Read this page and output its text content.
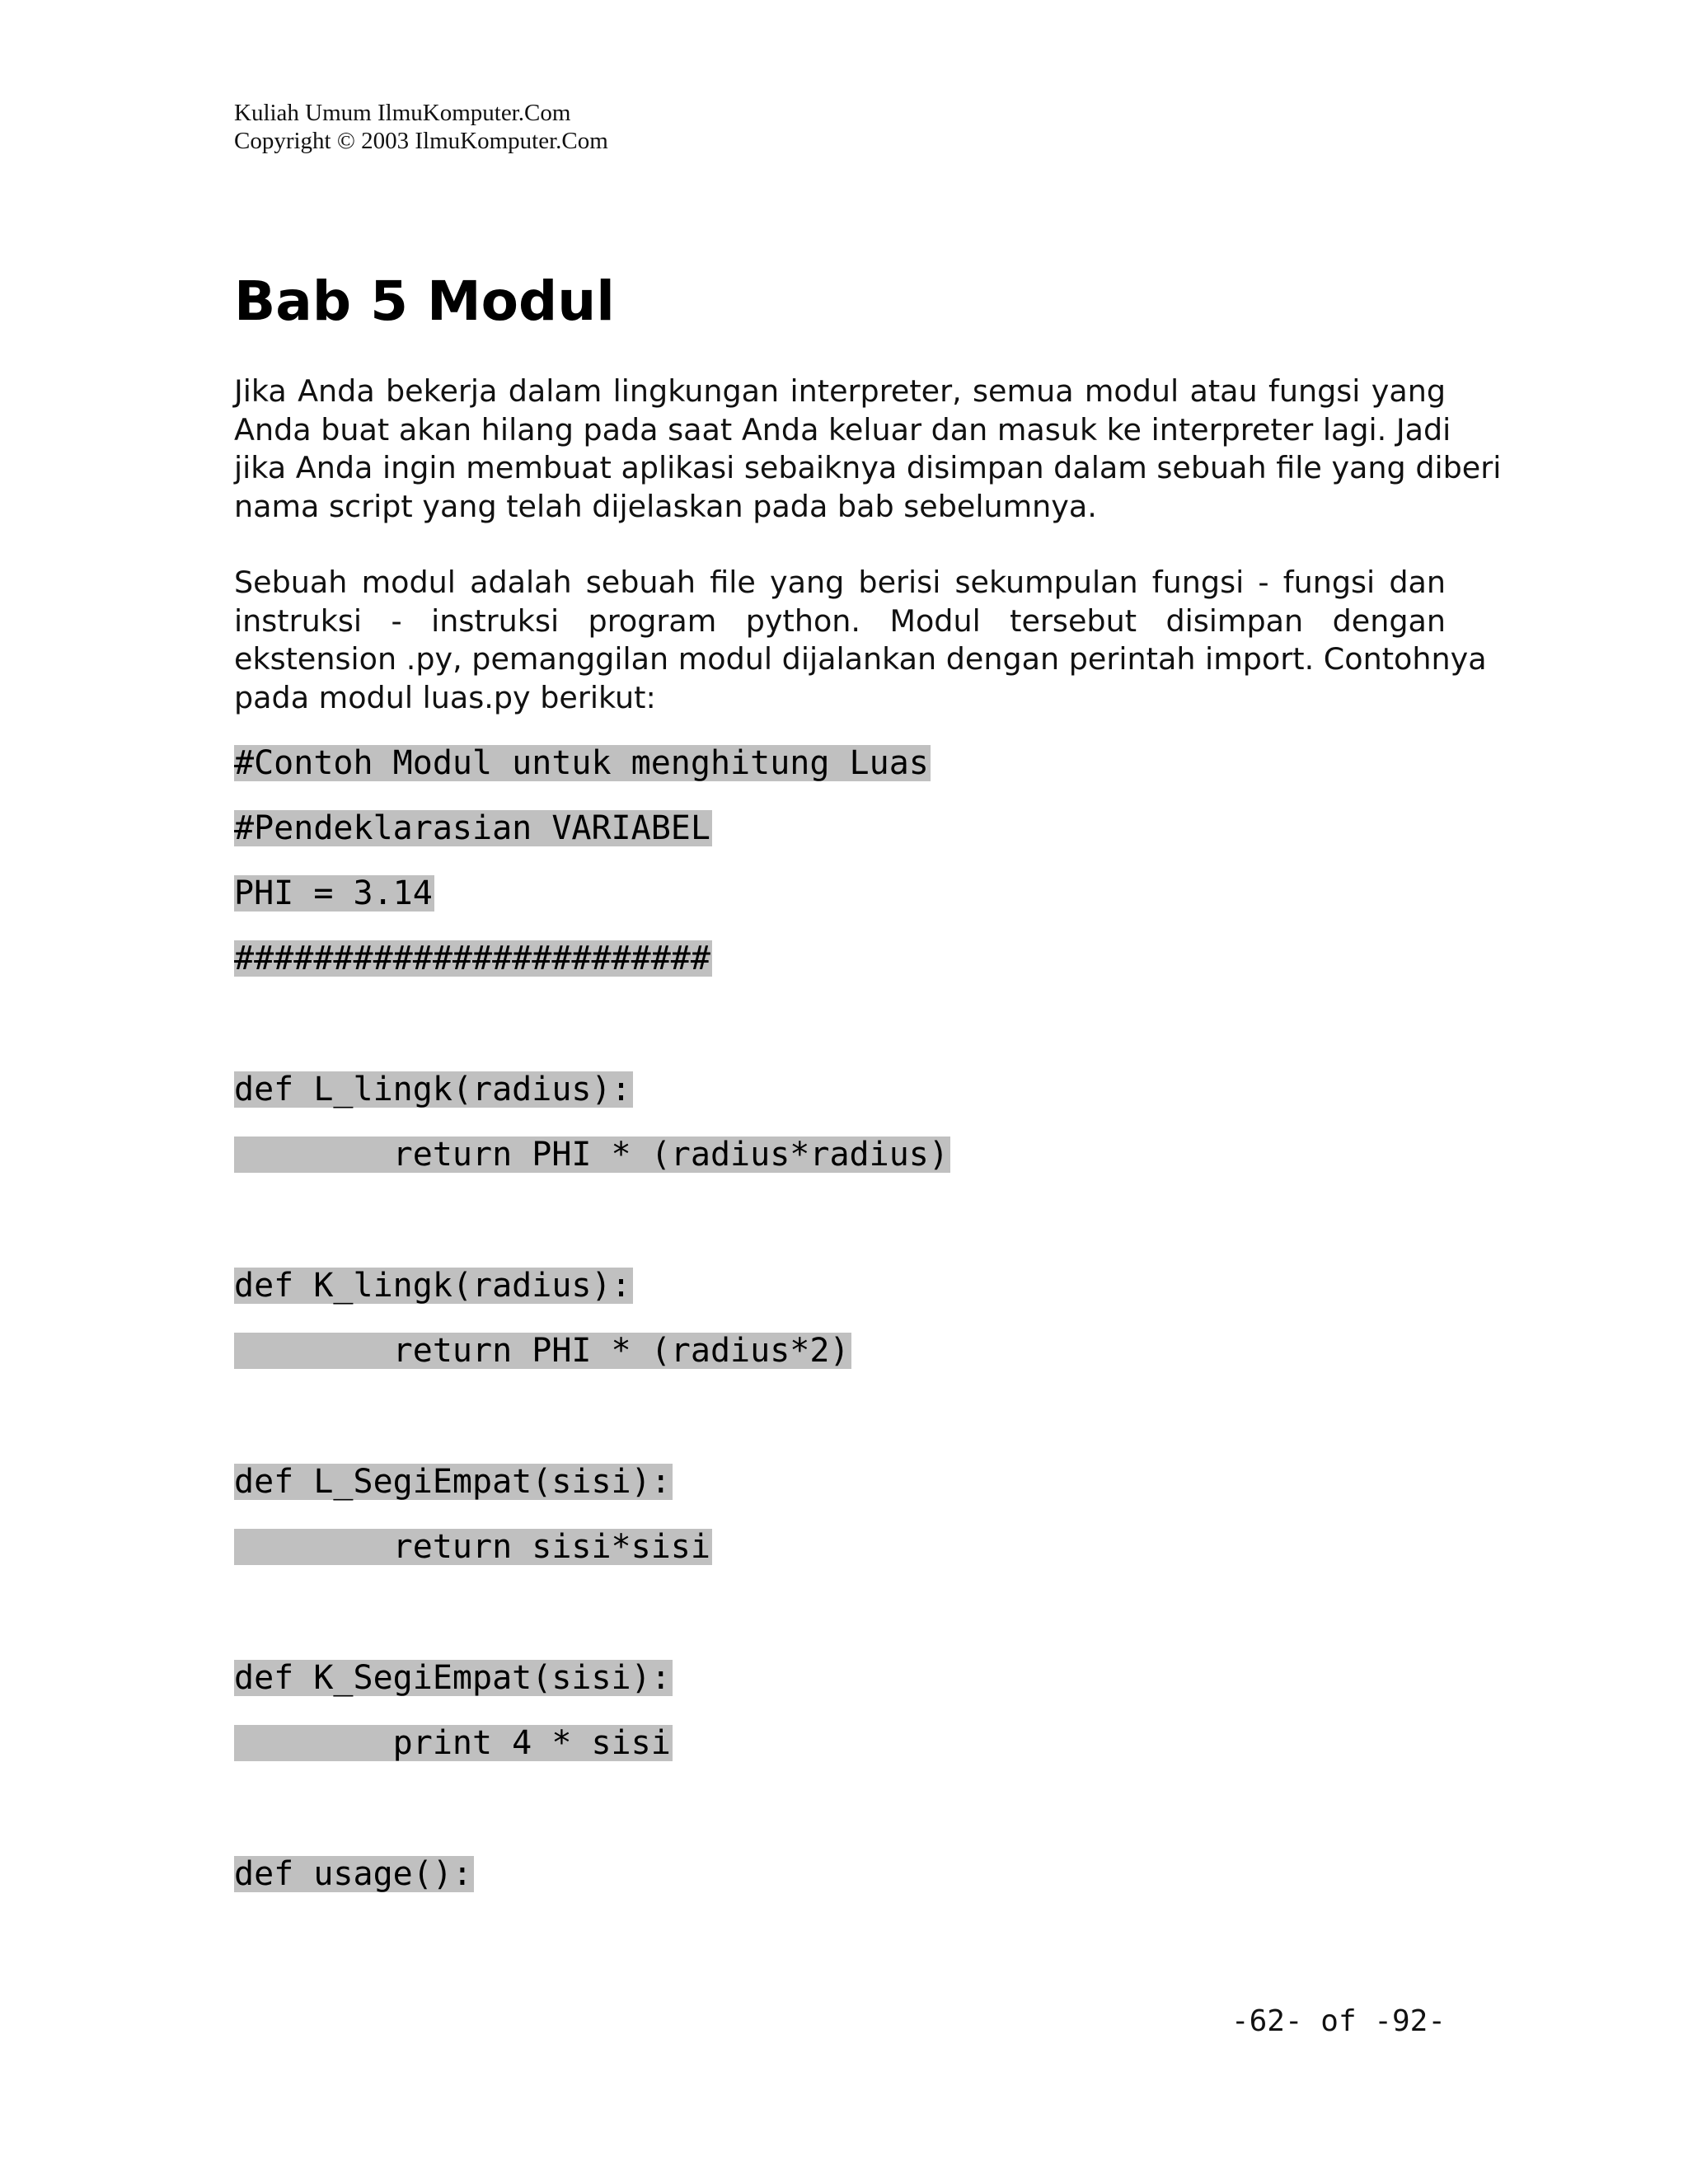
Kuliah Umum IlmuKomputer.Com
Copyright © 2003 IlmuKomputer.Com
Bab 5 Modul

Jika Anda bekerja dalam lingkungan interpreter, semua modul atau fungsi yang
Anda buat akan hilang pada saat Anda keluar dan masuk ke interpreter lagi. Jadi
jika Anda ingin membuat aplikasi sebaiknya disimpan dalam sebuah file yang diberi
nama script yang telah dijelaskan pada bab sebelumnya.

Sebuah modul adalah sebuah file yang berisi sekumpulan fungsi - fungsi dan
instruksi - instruksi program python. Modul tersebut disimpan dengan
ekstension .py, pemanggilan modul dijalankan dengan perintah import. Contohnya
pada modul luas.py berikut:

#Contoh Modul untuk menghitung Luas
#Pendeklarasian VARIABEL
PHI = 3.14
########################
def L_lingk(radius):
return PHI * (radius*radius)
def K_lingk(radius):
return PHI * (radius*2)
def L_SegiEmpat(sisi):
return sisi*sisi
def K_SegiEmpat(sisi):
print 4 * sisi
def usage():
-62- of -92-
